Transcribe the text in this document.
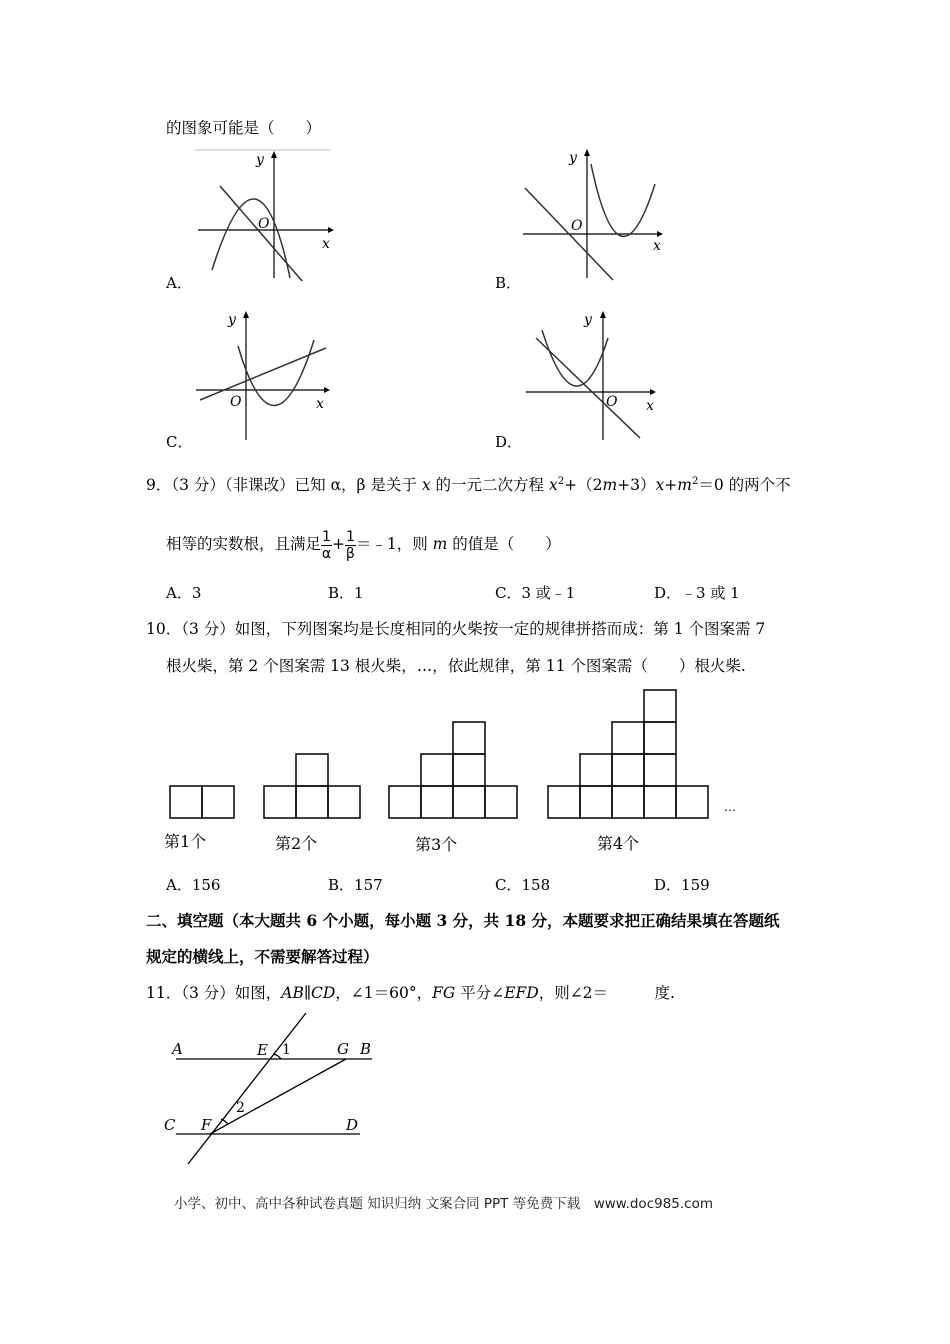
的图象可能是（　　）
y
x
O
A．
y
x
O
B．
y
x
O
C．
y
x
O
D．
9．（3 分）（非课改）已知 α，β 是关于 x 的一元二次方程 $x^2+(2m+3)x+m^2=0$ 的两个不
相等的实数根，且满足 $\frac{1}{\alpha} + \frac{1}{\beta}$ ＝﹣1，则 m 的值是（　　）
A．3	B．1	C．3 或﹣1	D．﹣3 或 1
10．（3 分）如图，下列图案均是长度相同的火柴按一定的规律拼搭而成：第 1 个图案需 7
根火柴，第 2 个图案需 13 根火柴，…，依此规律，第 11 个图案需（　　）根火柴.
第1个	第2个	第3个	第4个
…
A．156	B．157	C．158	D．159
二、填空题（本大题共 6 个小题，每小题 3 分，共 18 分，本题要求把正确结果填在答题纸
规定的横线上，不需要解答过程）
11．（3 分）如图，AB∥CD，∠1＝60°，FG 平分∠EFD，则∠2＝	度.
A	E 1	G B
2
C F	D
小学、初中、高中各种试卷真题 知识归纳 文案合同 PPT 等免费下载　www.doc985.com
